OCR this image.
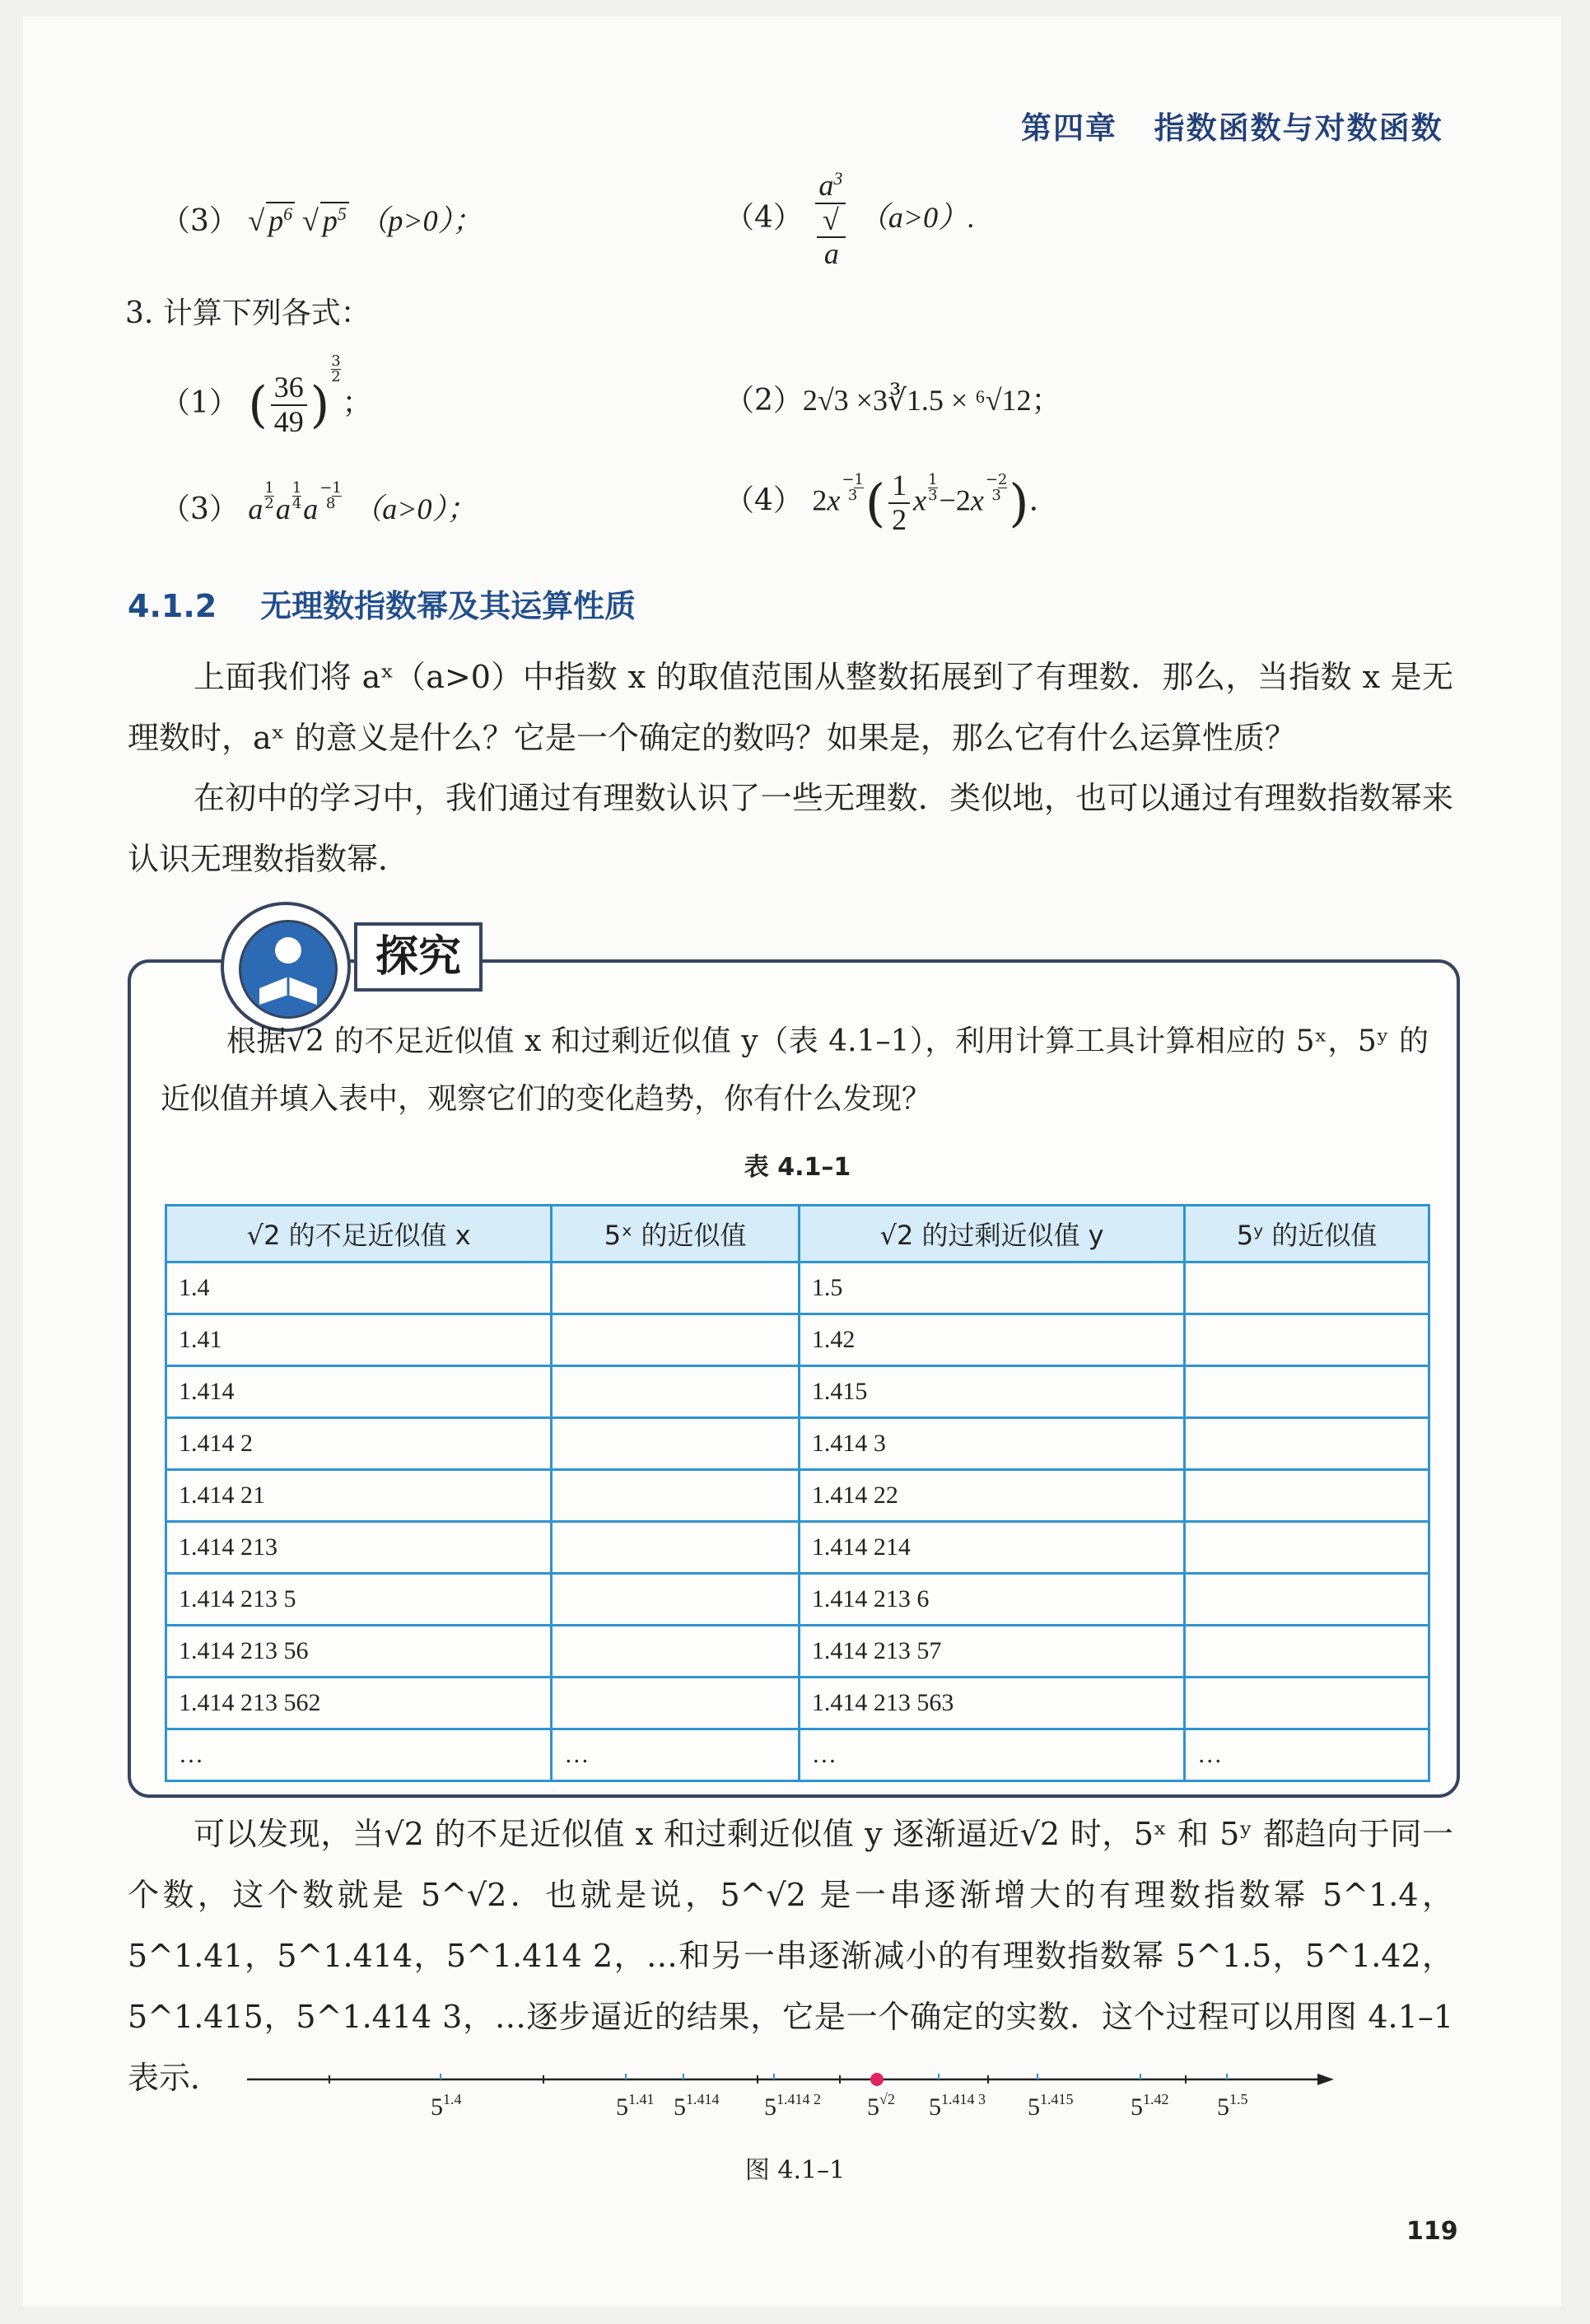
第四章 指数函数与对数函数
（3） √ $p^6$ √ $p^5$ （p>0）；	（4） $a^3$
√
a （a>0）.
3. 计算下列各式：
（1） ( $\frac{36}{49}$ )
$\frac{3}{2}$
；	（2）2√3 ×3∛1.5 × ⁶√12；
（3） a $\frac{1}{2}$ a $\frac{1}{4} a-1$
8 （a>0）；	（4） 2x−1
3 ( $\frac{1}{2}$ x $\frac{1}{3} -2x-2$
3 ).
4.1.2 无理数指数幂及其运算性质
上面我们将 aˣ（a>0）中指数 x 的取值范围从整数拓展到了有理数．那么，当指数 x 是无理数时，aˣ 的意义是什么？它是一个确定的数吗？如果是，那么它有什么运算性质？
在初中的学习中，我们通过有理数认识了一些无理数．类似地，也可以通过有理数指数幂来认识无理数指数幂．
探究
根据√2 的不足近似值 x 和过剩近似值 y（表 4.1–1），利用计算工具计算相应的 5ˣ，5ʸ 的近似值并填入表中，观察它们的变化趋势，你有什么发现？
表 4.1–1
√2 的不足近似值 x	5ˣ 的近似值	√2 的过剩近似值 y	5ʸ 的近似值
1.4		1.5	
1.41		1.42	
1.414		1.415	
1.414 2		1.414 3	
1.414 21		1.414 22	
1.414 213		1.414 214	
1.414 213 5		1.414 213 6	
1.414 213 56		1.414 213 57	
1.414 213 562		1.414 213 563	
…	…	…	…
可以发现，当√2 的不足近似值 x 和过剩近似值 y 逐渐逼近√2 时，5ˣ 和 5ʸ 都趋向于同一个数，这个数就是 5^√2．也就是说，5^√2 是一串逐渐增大的有理数指数幂 5^1.4，5^1.41，5^1.414，5^1.414 2，…和另一串逐渐减小的有理数指数幂 5^1.5，5^1.42，5^1.415，5^1.414 3，…逐步逼近的结果，它是一个确定的实数．这个过程可以用图 4.1–1 表示．
$5^{1.4}$	$5^{1.41}$ $5^{1.414}$ $5^{1.414 2}$ $5^{√2}$ $5^{1.414 3}$ $5^{1.415}$ $5^{1.42}$ $5^{1.5}$
图 4.1–1
119
